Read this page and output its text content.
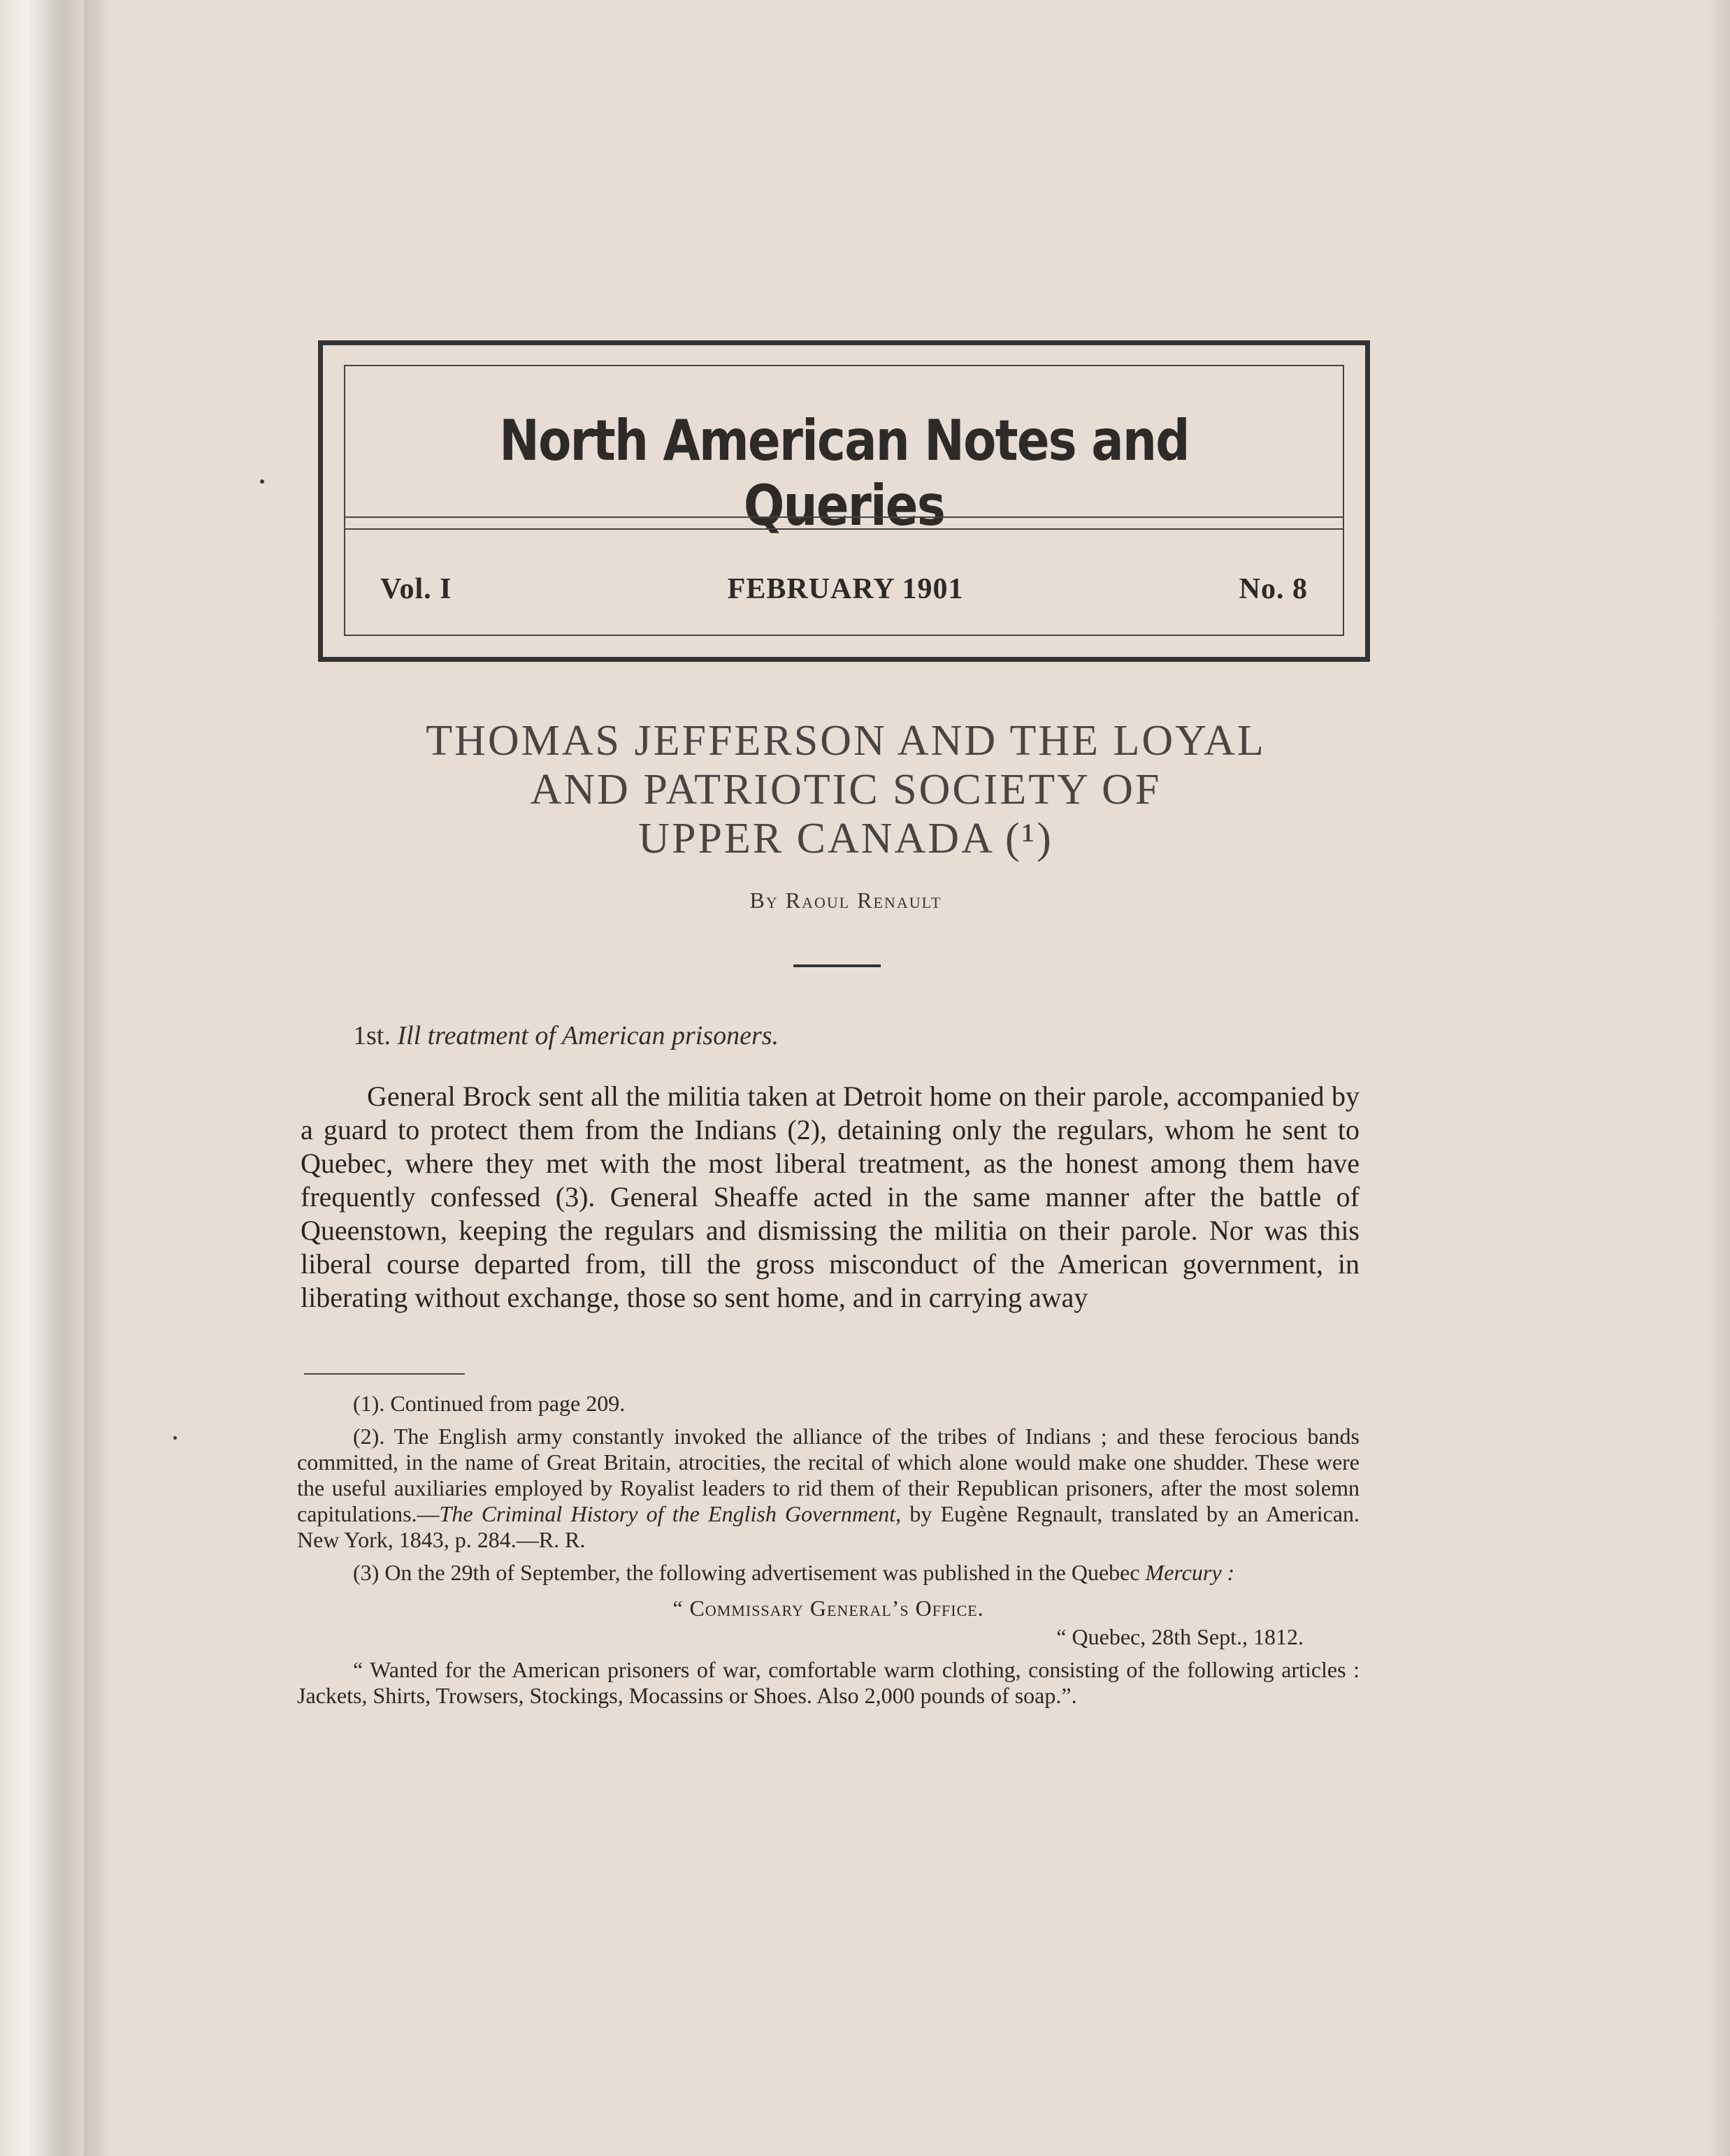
North American Notes and Queries
Vol. I	FEBRUARY 1901	No. 8
THOMAS JEFFERSON AND THE LOYAL
AND PATRIOTIC SOCIETY OF
UPPER CANADA (¹)
By Raoul Renault
1st. Ill treatment of American prisoners.

General Brock sent all the militia taken at Detroit home on their parole, accompanied by a guard to protect them from the Indians (2), detaining only the regulars, whom he sent to Quebec, where they met with the most liberal treatment, as the honest among them have frequently confessed (3). General Sheaffe acted in the same manner after the battle of Queenstown, keeping the regulars and dismissing the militia on their parole. Nor was this liberal course departed from, till the gross misconduct of the American government, in liberating without exchange, those so sent home, and in carrying away

(1). Continued from page 209.

(2). The English army constantly invoked the alliance of the tribes of Indians ; and these ferocious bands committed, in the name of Great Britain, atrocities, the recital of which alone would make one shudder. These were the useful auxiliaries employed by Royalist leaders to rid them of their Republican prisoners, after the most solemn capitulations.—The Criminal History of the English Government, by Eugène Regnault, translated by an American. New York, 1843, p. 284.—R. R.

(3) On the 29th of September, the following advertisement was published in the Quebec Mercury :

“ Commissary General’s Office.
“ Quebec, 28th Sept., 1812.

“ Wanted for the American prisoners of war, comfortable warm clothing, consisting of the following articles : Jackets, Shirts, Trowsers, Stockings, Mocassins or Shoes. Also 2,000 pounds of soap.”.
